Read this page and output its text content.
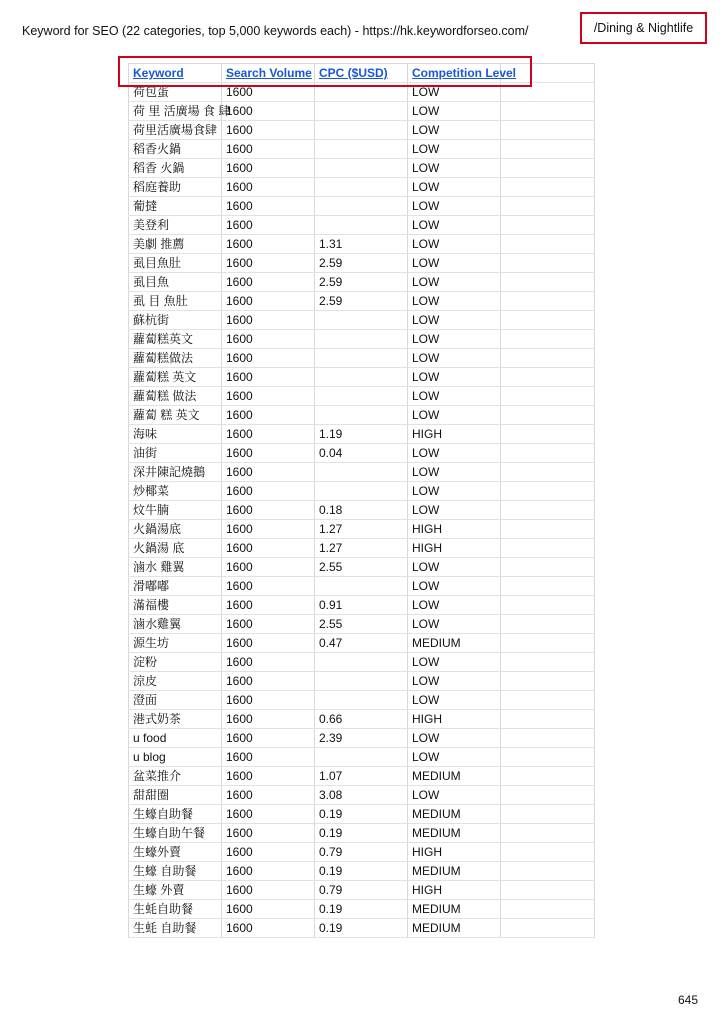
Keyword for SEO (22 categories, top 5,000 keywords each) - https://hk.keywordforseo.com/	/Dining & Nightlife
Keyword	Search Volume	CPC ($USD)	Competition Level	
荷包蛋	1600		LOW	
荷 里 活廣場 食 肆	1600		LOW	
荷里活廣場食肆	1600		LOW	
稻香火鍋	1600		LOW	
稻香 火鍋	1600		LOW	
稻庭養助	1600		LOW	
葡撻	1600		LOW	
美登利	1600		LOW	
美劇 推薦	1600	1.31	LOW	
虱目魚肚	1600	2.59	LOW	
虱目魚	1600	2.59	LOW	
虱 目 魚肚	1600	2.59	LOW	
蘇杭街	1600		LOW	
蘿蔔糕英文	1600		LOW	
蘿蔔糕做法	1600		LOW	
蘿蔔糕 英文	1600		LOW	
蘿蔔糕 做法	1600		LOW	
蘿蔔 糕 英文	1600		LOW	
海味	1600	1.19	HIGH	
油街	1600	0.04	LOW	
深井陳記燒鵝	1600		LOW	
炒椰菜	1600		LOW	
炆牛腩	1600	0.18	LOW	
火鍋湯底	1600	1.27	HIGH	
火鍋湯 底	1600	1.27	HIGH	
滷水 雞翼	1600	2.55	LOW	
滑嘟嘟	1600		LOW	
滿福樓	1600	0.91	LOW	
滷水雞翼	1600	2.55	LOW	
源生坊	1600	0.47	MEDIUM	
淀粉	1600		LOW	
涼皮	1600		LOW	
澄面	1600		LOW	
港式奶茶	1600	0.66	HIGH	
u food	1600	2.39	LOW	
u blog	1600		LOW	
盆菜推介	1600	1.07	MEDIUM	
甜甜圈	1600	3.08	LOW	
生蠔自助餐	1600	0.19	MEDIUM	
生蠔自助午餐	1600	0.19	MEDIUM	
生蠔外賣	1600	0.79	HIGH	
生蠔 自助餐	1600	0.19	MEDIUM	
生蠔 外賣	1600	0.79	HIGH	
生蚝自助餐	1600	0.19	MEDIUM	
生蚝 自助餐	1600	0.19	MEDIUM	
645
